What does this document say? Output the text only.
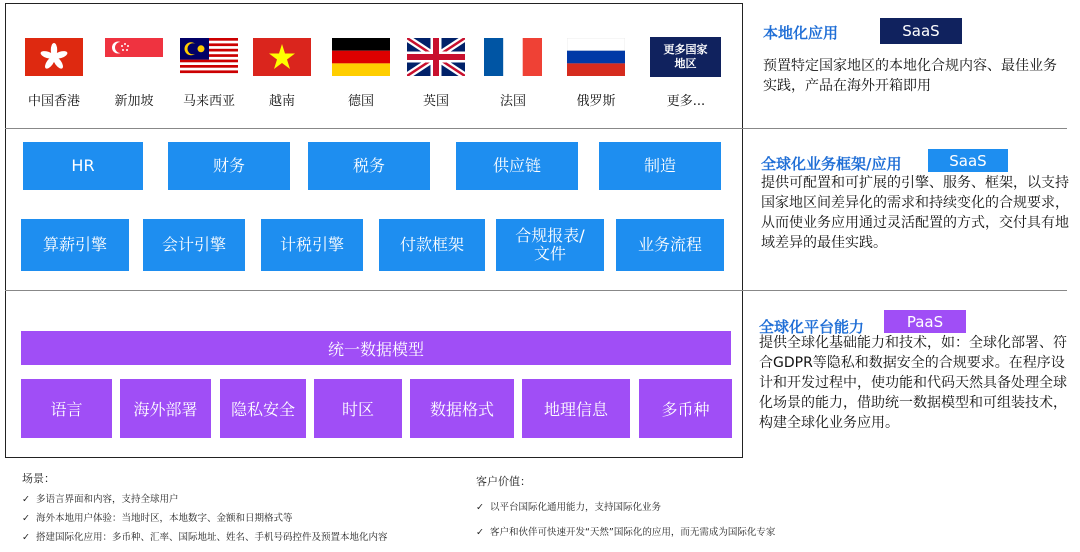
更多国家
地区
中国香港	新加坡	马来西亚	越南	德国	英国	法国	俄罗斯	更多...
HR	财务	税务	供应链	制造
算薪引擎	会计引擎	计税引擎	付款框架	合规报表/文件	业务流程
统一数据模型
语言	海外部署	隐私安全	时区	数据格式	地理信息	多币种
本地化应用	SaaS
预置特定国家地区的本地化合规内容、最佳业务实践，产品在海外开箱即用
全球化业务框架/应用	SaaS
提供可配置和可扩展的引擎、服务、框架，以支持国家地区间差异化的需求和持续变化的合规要求，从而使业务应用通过灵活配置的方式，交付具有地域差异的最佳实践。
全球化平台能力	PaaS
提供全球化基础能力和技术，如：全球化部署、符合GDPR等隐私和数据安全的合规要求。在程序设计和开发过程中，使功能和代码天然具备处理全球化场景的能力，借助统一数据模型和可组装技术，构建全球化业务应用。
场景：
✓ 多语言界面和内容，支持全球用户
✓ 海外本地用户体验：当地时区，本地数字、金额和日期格式等
✓ 搭建国际化应用：多币种、汇率、国际地址、姓名、手机号码控件及预置本地化内容
客户价值：
✓ 以平台国际化通用能力，支持国际化业务
✓ 客户和伙伴可快速开发“天然”国际化的应用，而无需成为国际化专家
